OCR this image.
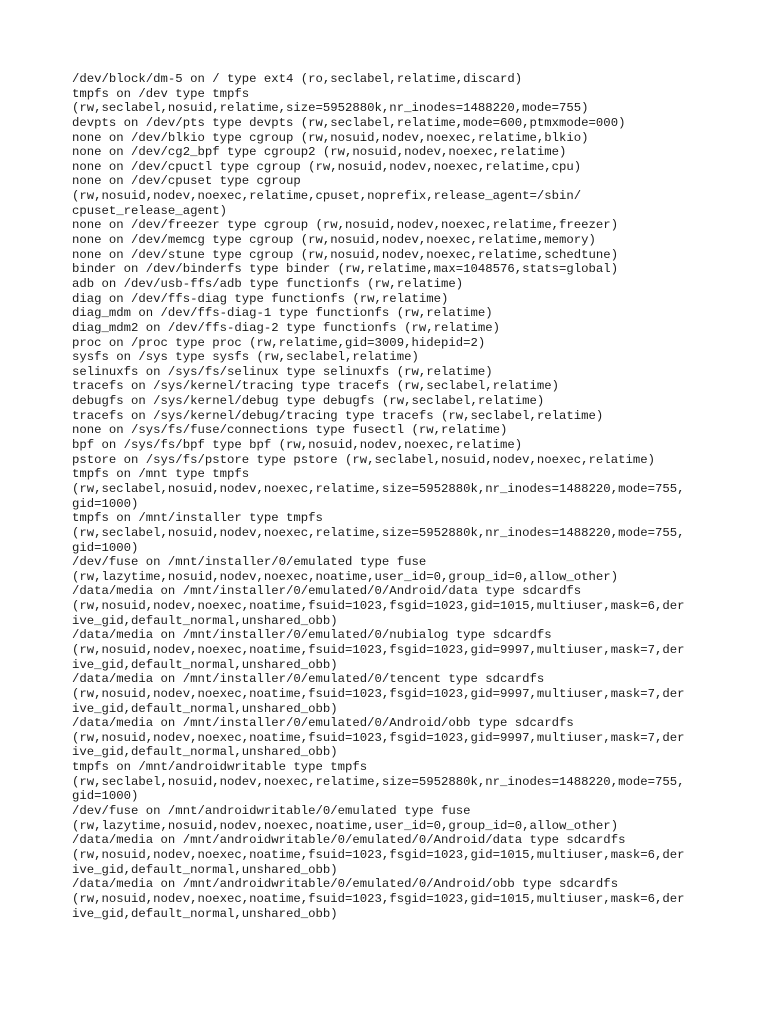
/dev/block/dm-5 on / type ext4 (ro,seclabel,relatime,discard)
tmpfs on /dev type tmpfs
(rw,seclabel,nosuid,relatime,size=5952880k,nr_inodes=1488220,mode=755)
devpts on /dev/pts type devpts (rw,seclabel,relatime,mode=600,ptmxmode=000)
none on /dev/blkio type cgroup (rw,nosuid,nodev,noexec,relatime,blkio)
none on /dev/cg2_bpf type cgroup2 (rw,nosuid,nodev,noexec,relatime)
none on /dev/cpuctl type cgroup (rw,nosuid,nodev,noexec,relatime,cpu)
none on /dev/cpuset type cgroup
(rw,nosuid,nodev,noexec,relatime,cpuset,noprefix,release_agent=/sbin/
cpuset_release_agent)
none on /dev/freezer type cgroup (rw,nosuid,nodev,noexec,relatime,freezer)
none on /dev/memcg type cgroup (rw,nosuid,nodev,noexec,relatime,memory)
none on /dev/stune type cgroup (rw,nosuid,nodev,noexec,relatime,schedtune)
binder on /dev/binderfs type binder (rw,relatime,max=1048576,stats=global)
adb on /dev/usb-ffs/adb type functionfs (rw,relatime)
diag on /dev/ffs-diag type functionfs (rw,relatime)
diag_mdm on /dev/ffs-diag-1 type functionfs (rw,relatime)
diag_mdm2 on /dev/ffs-diag-2 type functionfs (rw,relatime)
proc on /proc type proc (rw,relatime,gid=3009,hidepid=2)
sysfs on /sys type sysfs (rw,seclabel,relatime)
selinuxfs on /sys/fs/selinux type selinuxfs (rw,relatime)
tracefs on /sys/kernel/tracing type tracefs (rw,seclabel,relatime)
debugfs on /sys/kernel/debug type debugfs (rw,seclabel,relatime)
tracefs on /sys/kernel/debug/tracing type tracefs (rw,seclabel,relatime)
none on /sys/fs/fuse/connections type fusectl (rw,relatime)
bpf on /sys/fs/bpf type bpf (rw,nosuid,nodev,noexec,relatime)
pstore on /sys/fs/pstore type pstore (rw,seclabel,nosuid,nodev,noexec,relatime)
tmpfs on /mnt type tmpfs
(rw,seclabel,nosuid,nodev,noexec,relatime,size=5952880k,nr_inodes=1488220,mode=755,
gid=1000)
tmpfs on /mnt/installer type tmpfs
(rw,seclabel,nosuid,nodev,noexec,relatime,size=5952880k,nr_inodes=1488220,mode=755,
gid=1000)
/dev/fuse on /mnt/installer/0/emulated type fuse
(rw,lazytime,nosuid,nodev,noexec,noatime,user_id=0,group_id=0,allow_other)
/data/media on /mnt/installer/0/emulated/0/Android/data type sdcardfs
(rw,nosuid,nodev,noexec,noatime,fsuid=1023,fsgid=1023,gid=1015,multiuser,mask=6,der
ive_gid,default_normal,unshared_obb)
/data/media on /mnt/installer/0/emulated/0/nubialog type sdcardfs
(rw,nosuid,nodev,noexec,noatime,fsuid=1023,fsgid=1023,gid=9997,multiuser,mask=7,der
ive_gid,default_normal,unshared_obb)
/data/media on /mnt/installer/0/emulated/0/tencent type sdcardfs
(rw,nosuid,nodev,noexec,noatime,fsuid=1023,fsgid=1023,gid=9997,multiuser,mask=7,der
ive_gid,default_normal,unshared_obb)
/data/media on /mnt/installer/0/emulated/0/Android/obb type sdcardfs
(rw,nosuid,nodev,noexec,noatime,fsuid=1023,fsgid=1023,gid=9997,multiuser,mask=7,der
ive_gid,default_normal,unshared_obb)
tmpfs on /mnt/androidwritable type tmpfs
(rw,seclabel,nosuid,nodev,noexec,relatime,size=5952880k,nr_inodes=1488220,mode=755,
gid=1000)
/dev/fuse on /mnt/androidwritable/0/emulated type fuse
(rw,lazytime,nosuid,nodev,noexec,noatime,user_id=0,group_id=0,allow_other)
/data/media on /mnt/androidwritable/0/emulated/0/Android/data type sdcardfs
(rw,nosuid,nodev,noexec,noatime,fsuid=1023,fsgid=1023,gid=1015,multiuser,mask=6,der
ive_gid,default_normal,unshared_obb)
/data/media on /mnt/androidwritable/0/emulated/0/Android/obb type sdcardfs
(rw,nosuid,nodev,noexec,noatime,fsuid=1023,fsgid=1023,gid=1015,multiuser,mask=6,der
ive_gid,default_normal,unshared_obb)
